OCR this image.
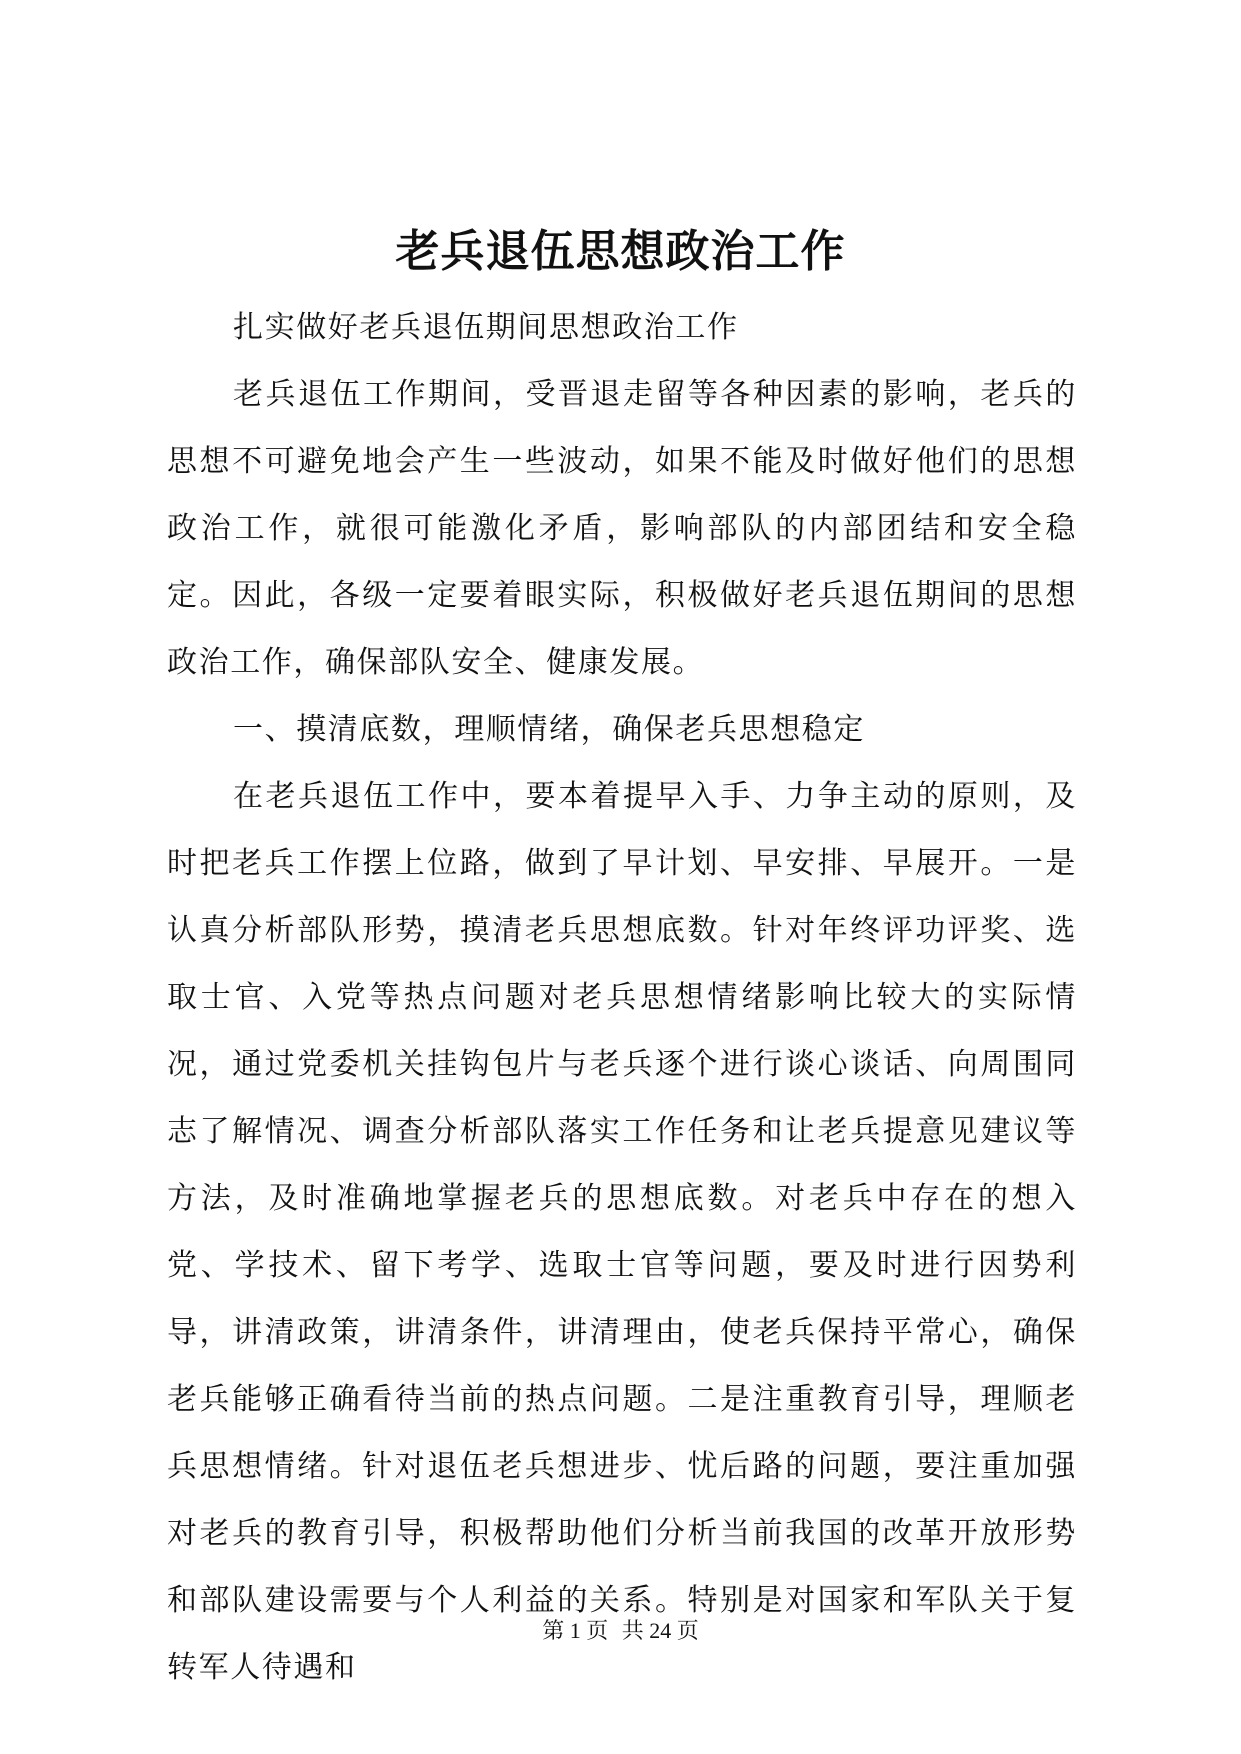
老兵退伍思想政治工作

扎实做好老兵退伍期间思想政治工作

老兵退伍工作期间，受晋退走留等各种因素的影响，老兵的思想不可避免地会产生一些波动，如果不能及时做好他们的思想政治工作，就很可能激化矛盾，影响部队的内部团结和安全稳定。因此，各级一定要着眼实际，积极做好老兵退伍期间的思想政治工作，确保部队安全、健康发展。

一、摸清底数，理顺情绪，确保老兵思想稳定

在老兵退伍工作中，要本着提早入手、力争主动的原则，及时把老兵工作摆上位路，做到了早计划、早安排、早展开。一是认真分析部队形势，摸清老兵思想底数。针对年终评功评奖、选取士官、入党等热点问题对老兵思想情绪影响比较大的实际情况，通过党委机关挂钩包片与老兵逐个进行谈心谈话、向周围同志了解情况、调查分析部队落实工作任务和让老兵提意见建议等方法，及时准确地掌握老兵的思想底数。对老兵中存在的想入党、学技术、留下考学、选取士官等问题，要及时进行因势利导，讲清政策，讲清条件，讲清理由，使老兵保持平常心，确保老兵能够正确看待当前的热点问题。二是注重教育引导，理顺老兵思想情绪。针对退伍老兵想进步、忧后路的问题，要注重加强对老兵的教育引导，积极帮助他们分析当前我国的改革开放形势和部队建设需要与个人利益的关系。特别是对国家和军队关于复转军人待遇和

第 1 页 共 24 页
